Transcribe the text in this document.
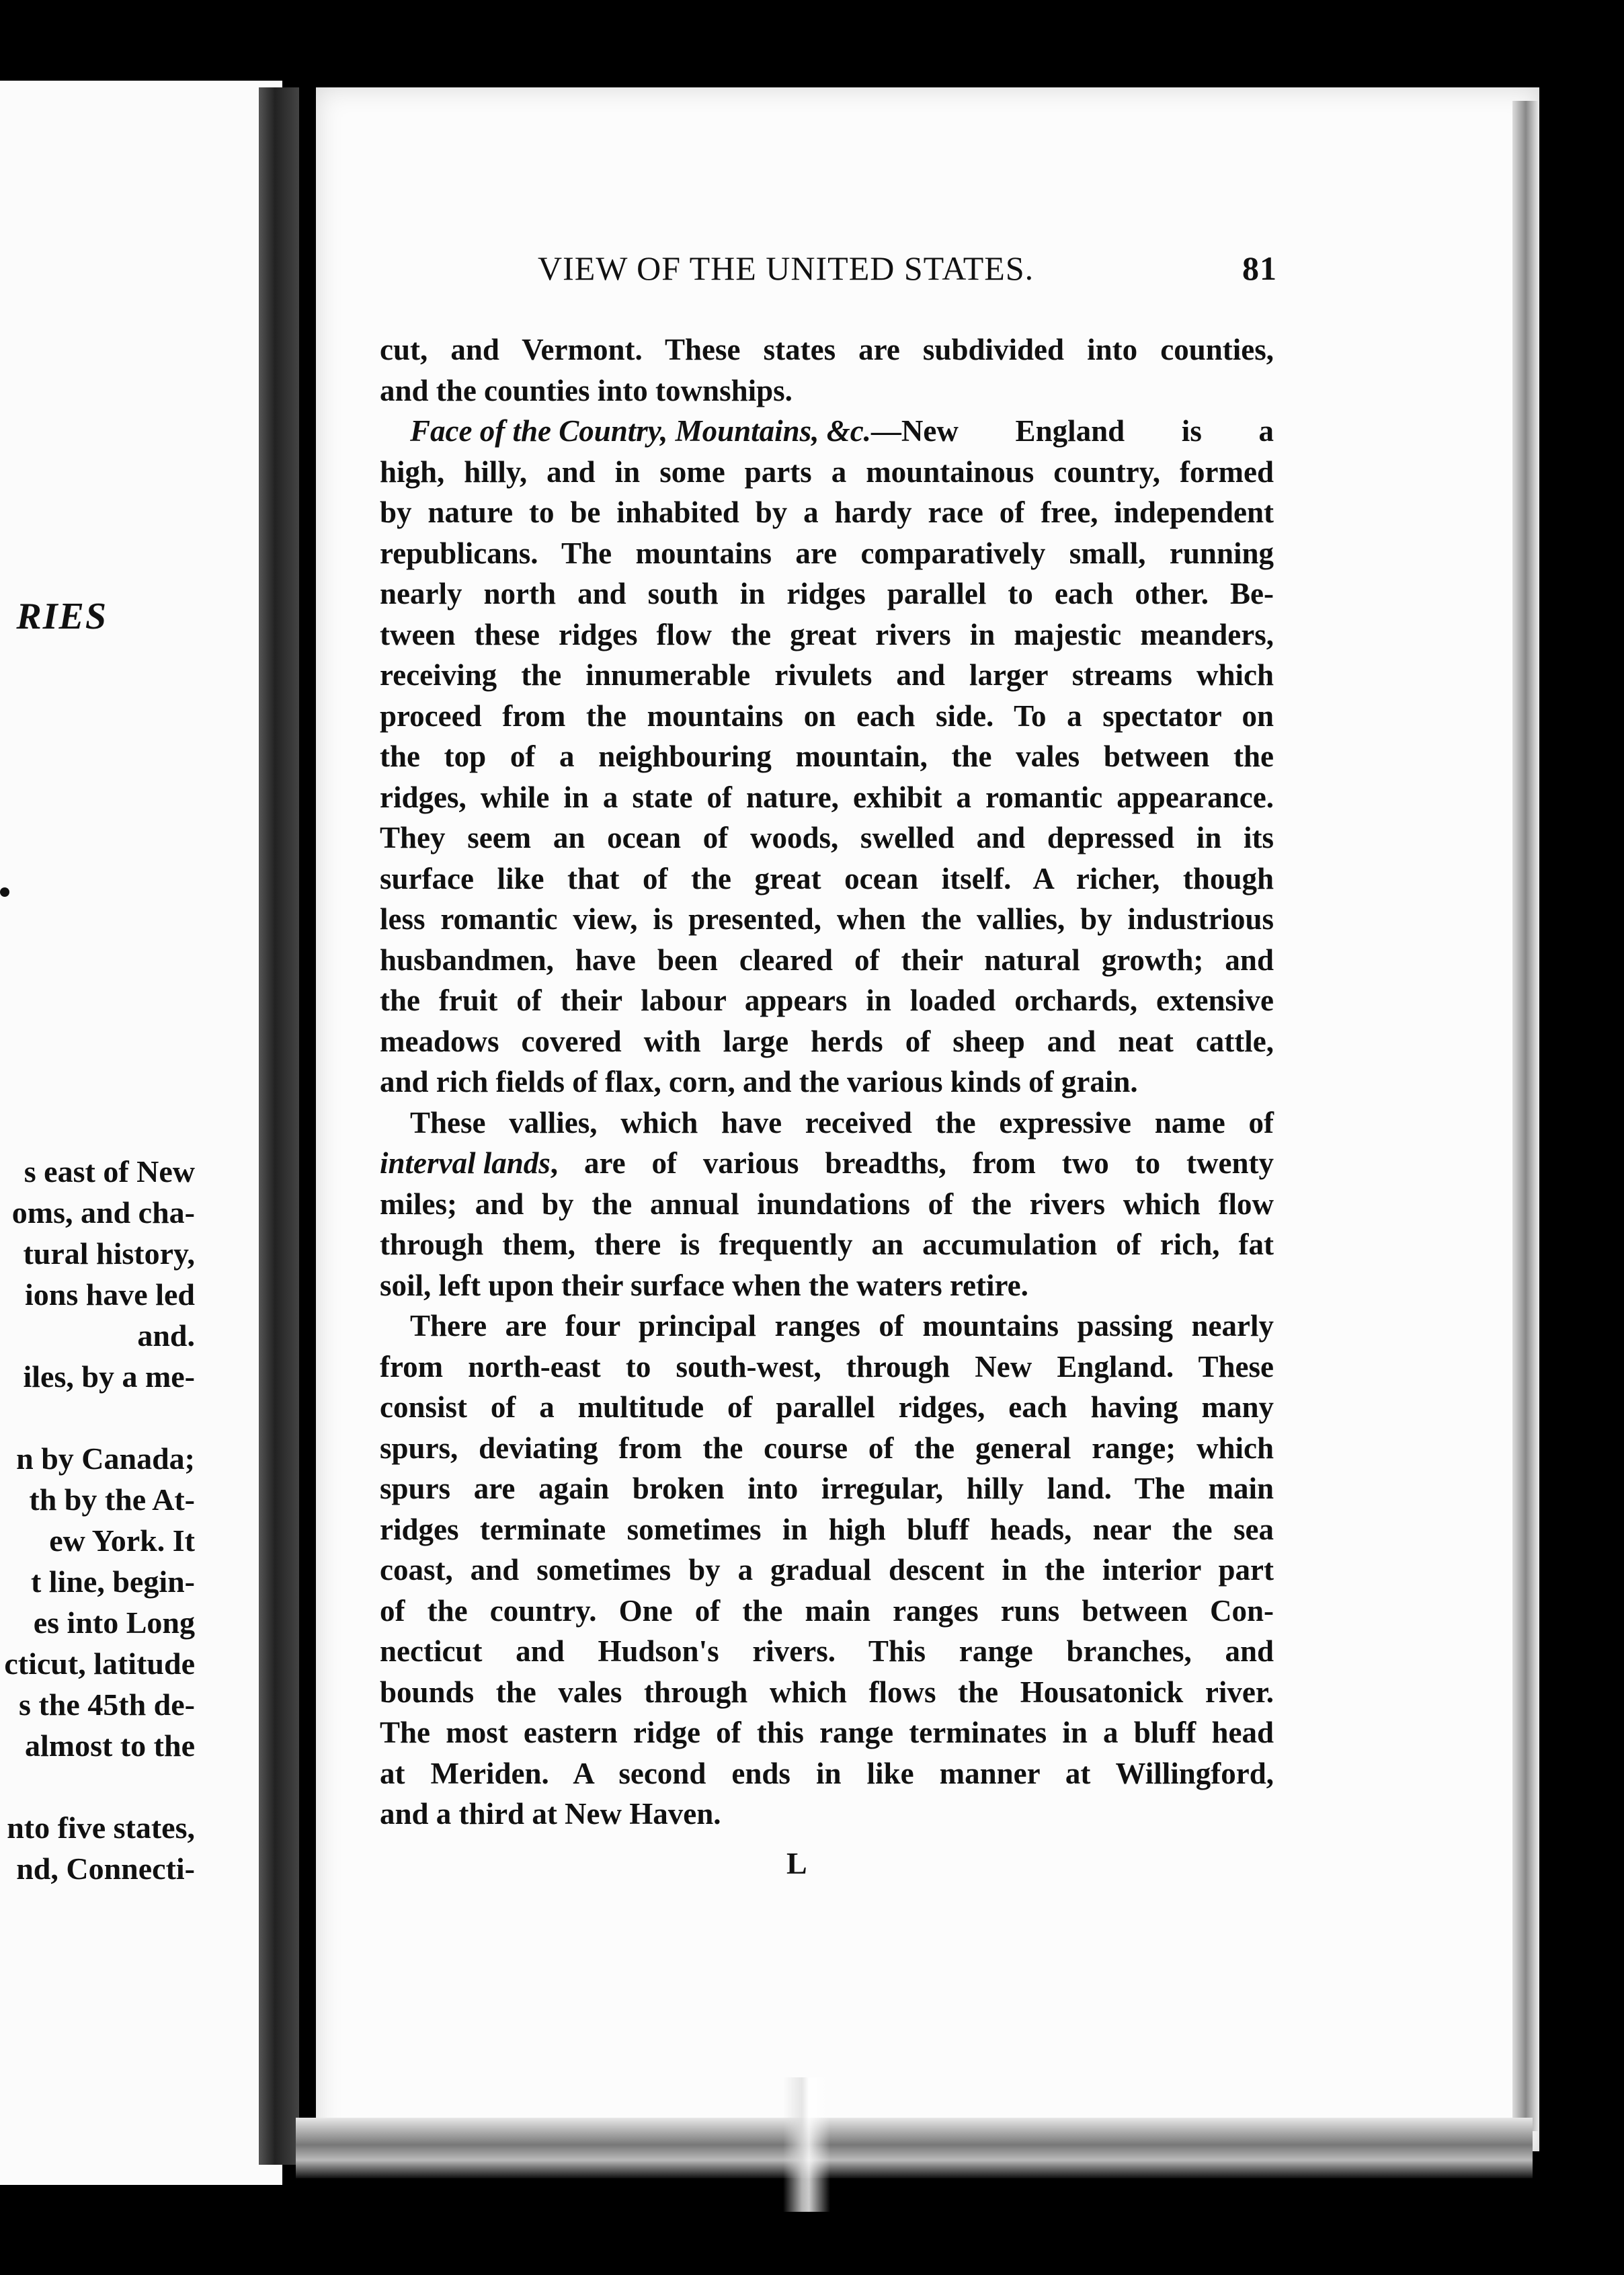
RIES
s east of New
oms, and cha-
tural history,
ions have led
and.
iles, by a me-
n by Canada;
th by the At-
ew York. It
t line, begin-
es into Long
cticut, latitude
s the 45th de-
almost to the
nto five states,
nd, Connecti-
VIEW OF THE UNITED STATES.	81
cut, and Vermont. These states are subdivided into counties,
and the counties into townships.
Face of the Country, Mountains, &c. —New England is a
high, hilly, and in some parts a mountainous country, formed
by nature to be inhabited by a hardy race of free, independent
republicans. The mountains are comparatively small, running
nearly north and south in ridges parallel to each other. Be-
tween these ridges flow the great rivers in majestic meanders,
receiving the innumerable rivulets and larger streams which
proceed from the mountains on each side. To a spectator on
the top of a neighbouring mountain, the vales between the
ridges, while in a state of nature, exhibit a romantic appearance.
They seem an ocean of woods, swelled and depressed in its
surface like that of the great ocean itself. A richer, though
less romantic view, is presented, when the vallies, by industrious
husbandmen, have been cleared of their natural growth; and
the fruit of their labour appears in loaded orchards, extensive
meadows covered with large herds of sheep and neat cattle,
and rich fields of flax, corn, and the various kinds of grain.
These vallies, which have received the expressive name of
interval lands , are of various breadths, from two to twenty
miles; and by the annual inundations of the rivers which flow
through them, there is frequently an accumulation of rich, fat
soil, left upon their surface when the waters retire.
There are four principal ranges of mountains passing nearly
from north-east to south-west, through New England. These
consist of a multitude of parallel ridges, each having many
spurs, deviating from the course of the general range; which
spurs are again broken into irregular, hilly land. The main
ridges terminate sometimes in high bluff heads, near the sea
coast, and sometimes by a gradual descent in the interior part
of the country. One of the main ranges runs between Con-
necticut and Hudson's rivers. This range branches, and
bounds the vales through which flows the Housatonick river.
The most eastern ridge of this range terminates in a bluff head
at Meriden. A second ends in like manner at Willingford,
and a third at New Haven.
L
